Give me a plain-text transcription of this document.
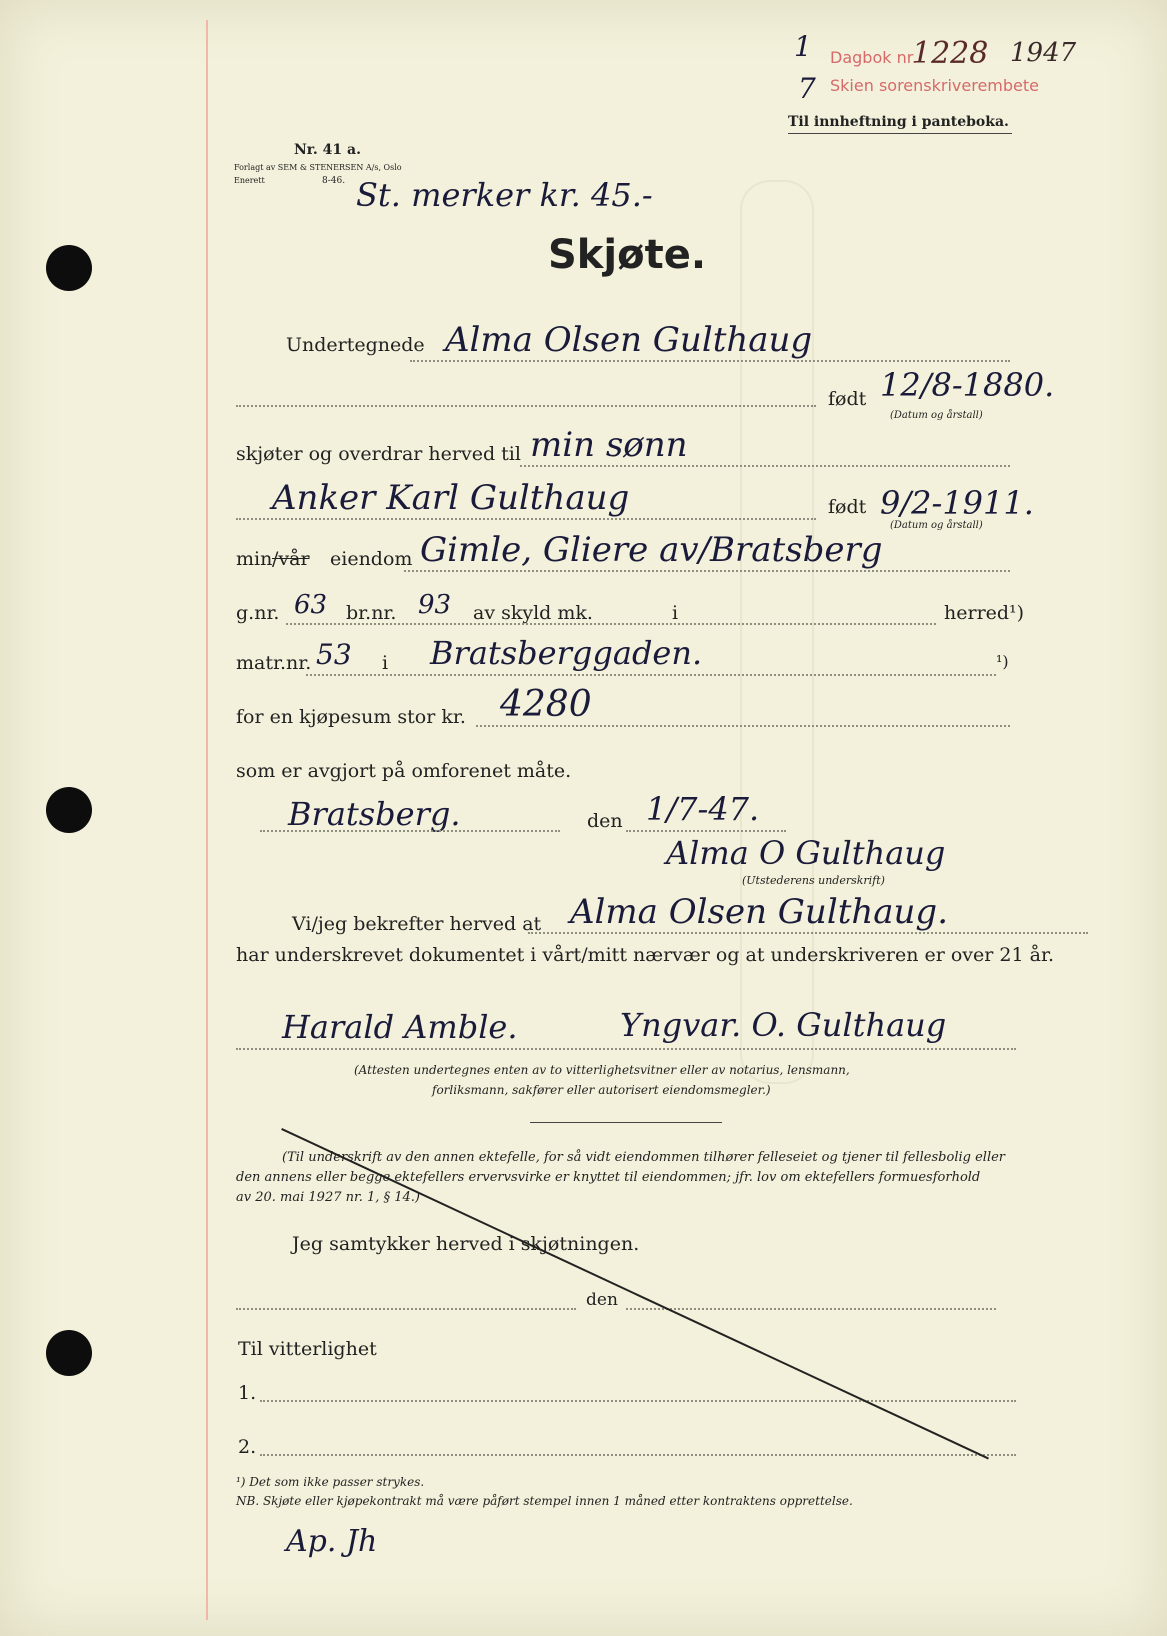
Nr. 41 a.
Forlagt av SEM & STENERSEN A/s, Oslo
Enerett	8-46.
Dagbok nr.
1228 1947
Skien sorenskriverembete
1
7
Til innheftning i panteboka.
St. merker kr. 45.-
Skjøte.
Undertegnede Alma Olsen Gulthaug
født 12/8-1880.
(Datum og årstall)
skjøter og overdrar herved til min sønn
Anker Karl Gulthaug	født 9/2-1911.
(Datum og årstall)
min /vår eiendom Gimle, Gliere av/Bratsberg
g.nr. 63 br.nr. 93 av skyld mk.	i	herred¹)
matr.nr. 53 i Bratsberggaden.	¹)
for en kjøpesum stor kr. 4280
som er avgjort på omforenet måte.
Bratsberg.	den 1/7-47.
Alma O Gulthaug
(Utstederens underskrift)
Vi/jeg bekrefter herved at Alma Olsen Gulthaug.
har underskrevet dokumentet i vårt/mitt nærvær og at underskriveren er over 21 år.
Harald Amble.	Yngvar. O. Gulthaug
(Attesten undertegnes enten av to vitterlighetsvitner eller av notarius, lensmann,
forliksmann, sakfører eller autorisert eiendomsmegler.)
(Til underskrift av den annen ektefelle, for så vidt eiendommen tilhører felleseiet og tjener til fellesbolig eller
den annens eller begge ektefellers ervervsvirke er knyttet til eiendommen; jfr. lov om ektefellers formuesforhold
av 20. mai 1927 nr. 1, § 14.)
Jeg samtykker herved i skjøtningen.
den
Til vitterlighet
1.
2.
¹) Det som ikke passer strykes.
NB. Skjøte eller kjøpekontrakt må være påført stempel innen 1 måned etter kontraktens opprettelse.
Ap. Jh
